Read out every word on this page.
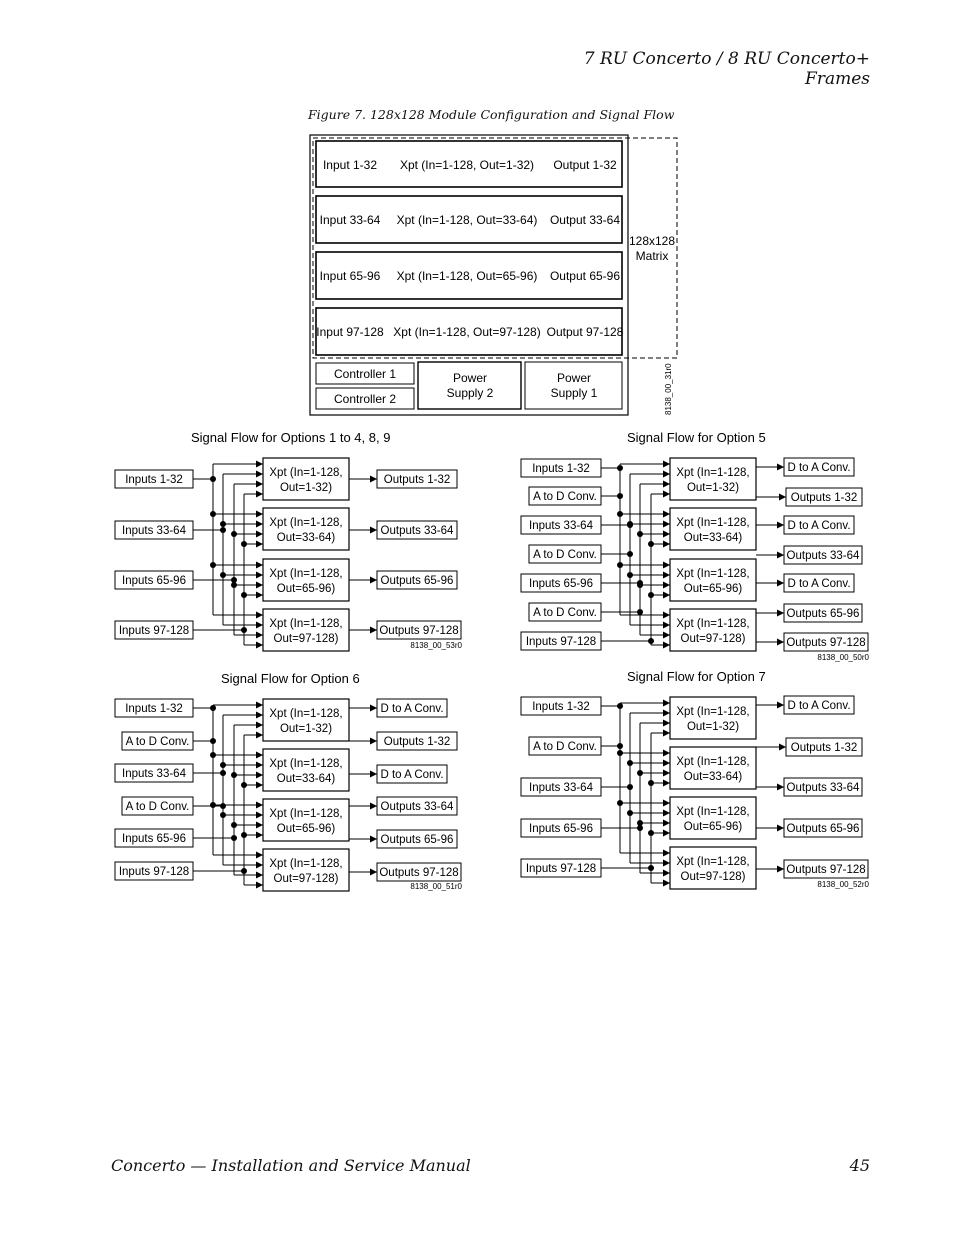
7 RU Concerto / 8 RU Concerto+ Frames
Figure 7. 128x128 Module Configuration and Signal Flow
Input 1-32 Xpt (In=1-128, Out=1-32) Output 1-32
Input 33-64 Xpt (In=1-128, Out=33-64) Output 33-64
Input 65-96 Xpt (In=1-128, Out=65-96) Output 65-96
Input 97-128 Xpt (In=1-128, Out=97-128) Output 97-128
128x128
Matrix
Controller 1
Controller 2
Power
Supply 2
Power
Supply 1	8138_00_31r0
Signal Flow for Options 1 to 4, 8, 9	Signal Flow for Option 5
Signal Flow for Option 6	Signal Flow for Option 7
8138_00_53r0
8138_00_50r0
8138_00_51r0	8138_00_52r0
Xpt (In=1-128,
Out=1-32)
Xpt (In=1-128,
Out=33-64)
Xpt (In=1-128,
Out=65-96)
Xpt (In=1-128,
Out=97-128)
Inputs 1-32
Inputs 33-64
Inputs 65-96
Inputs 97-128
Outputs 1-32
Outputs 33-64
Outputs 65-96
Outputs 97-128
Xpt (In=1-128,
Out=1-32)
Xpt (In=1-128,
Out=33-64)
Xpt (In=1-128,
Out=65-96)
Xpt (In=1-128,
Out=97-128)
Inputs 1-32
A to D Conv.
Inputs 33-64
A to D Conv.
Inputs 65-96
A to D Conv.
Inputs 97-128
D to A Conv.
Outputs 1-32
D to A Conv.
Outputs 33-64
D to A Conv.
Outputs 65-96
Outputs 97-128
Xpt (In=1-128,
Out=1-32)
Xpt (In=1-128,
Out=33-64)
Xpt (In=1-128,
Out=65-96)
Xpt (In=1-128,
Out=97-128)
Inputs 1-32
A to D Conv.
Inputs 33-64
A to D Conv.
Inputs 65-96
Inputs 97-128
D to A Conv.
Outputs 1-32
D to A Conv.
Outputs 33-64
Outputs 65-96
Outputs 97-128
Xpt (In=1-128,
Out=1-32)
Xpt (In=1-128,
Out=33-64)
Xpt (In=1-128,
Out=65-96)
Xpt (In=1-128,
Out=97-128)
Inputs 1-32
A to D Conv.
Inputs 33-64
Inputs 65-96
Inputs 97-128
D to A Conv.
Outputs 1-32
Outputs 33-64
Outputs 65-96
Outputs 97-128
Concerto — Installation and Service Manual	45
